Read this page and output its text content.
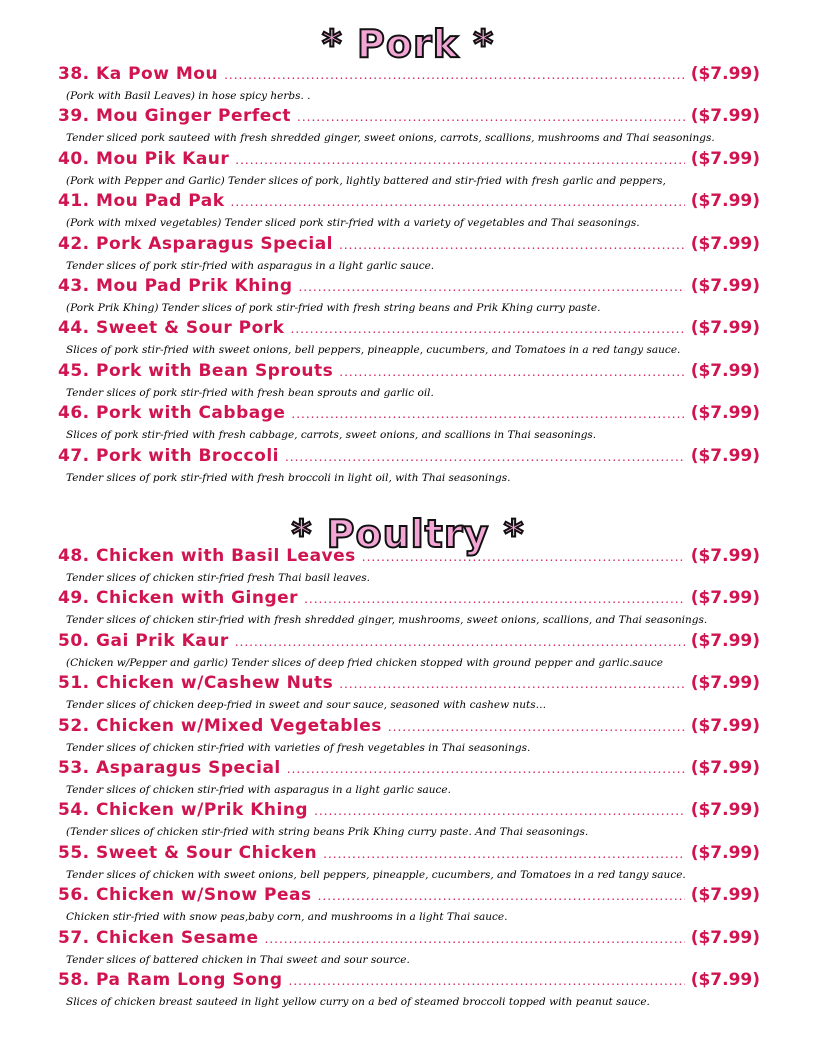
* Pork *
38. Ka Pow Mou .....	($7.99)
(Pork with Basil Leaves) in hose spicy herbs. .
39. Mou Ginger Perfect .....	($7.99)
Tender sliced pork sauteed with fresh shredded ginger, sweet onions, carrots, scallions, mushrooms and Thai seasonings.
40. Mou Pik Kaur .....	($7.99)
(Pork with Pepper and Garlic) Tender slices of pork, lightly battered and stir-fried with fresh garlic and peppers,
41. Mou Pad Pak .....	($7.99)
(Pork with mixed vegetables) Tender sliced pork stir-fried with a variety of vegetables and Thai seasonings.
42. Pork Asparagus Special .....	($7.99)
Tender slices of pork stir-fried with asparagus in a light garlic sauce.
43. Mou Pad Prik Khing .....	($7.99)
(Pork Prik Khing) Tender slices of pork stir-fried with fresh string beans and Prik Khing curry paste.
44. Sweet & Sour Pork .....	($7.99)
Slices of pork stir-fried with sweet onions, bell peppers, pineapple, cucumbers, and Tomatoes in a red tangy sauce.
45. Pork with Bean Sprouts .....	($7.99)
Tender slices of pork stir-fried with fresh bean sprouts and garlic oil.
46. Pork with Cabbage .....	($7.99)
Slices of pork stir-fried with fresh cabbage, carrots, sweet onions, and scallions in Thai seasonings.
47. Pork with Broccoli .....	($7.99)
Tender slices of pork stir-fried with fresh broccoli in light oil, with Thai seasonings.
* Poultry *
48. Chicken with Basil Leaves .....	($7.99)
Tender slices of chicken stir-fried fresh Thai basil leaves.
49. Chicken with Ginger .....	($7.99)
Tender slices of chicken stir-fried with fresh shredded ginger, mushrooms, sweet onions, scallions, and Thai seasonings.
50. Gai Prik Kaur .....	($7.99)
(Chicken w/Pepper and garlic) Tender slices of deep fried chicken stopped with ground pepper and garlic.sauce
51. Chicken w/Cashew Nuts .....	($7.99)
Tender slices of chicken deep-fried in sweet and sour sauce, seasoned with cashew nuts…
52. Chicken w/Mixed Vegetables .....	($7.99)
Tender slices of chicken stir-fried with varieties of fresh vegetables in Thai seasonings.
53. Asparagus Special .....	($7.99)
Tender slices of chicken stir-fried with asparagus in a light garlic sauce.
54. Chicken w/Prik Khing .....	($7.99)
(Tender slices of chicken stir-fried with string beans Prik Khing curry paste. And Thai seasonings.
55. Sweet & Sour Chicken .....	($7.99)
Tender slices of chicken with sweet onions, bell peppers, pineapple, cucumbers, and Tomatoes in a red tangy sauce.
56. Chicken w/Snow Peas .....	($7.99)
Chicken stir-fried with snow peas,baby corn, and mushrooms in a light Thai sauce.
57. Chicken Sesame .....	($7.99)
Tender slices of battered chicken in Thai sweet and sour source.
58. Pa Ram Long Song .....	($7.99)
Slices of chicken breast sauteed in light yellow curry on a bed of steamed broccoli topped with peanut sauce.
